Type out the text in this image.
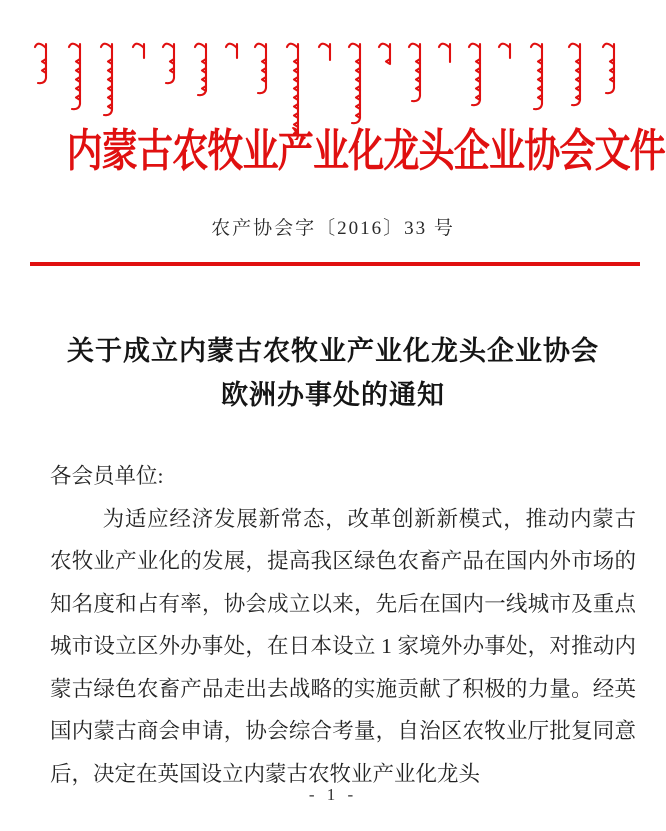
内蒙古农牧业产业化龙头企业协会文件
农产协会字〔2016〕33 号
关于成立内蒙古农牧业产业化龙头企业协会
欧洲办事处的通知

各会员单位:

为适应经济发展新常态，改革创新新模式，推动内蒙古农牧业产业化的发展，提高我区绿色农畜产品在国内外市场的知名度和占有率，协会成立以来，先后在国内一线城市及重点城市设立区外办事处，在日本设立 1 家境外办事处，对推动内蒙古绿色农畜产品走出去战略的实施贡献了积极的力量。经英国内蒙古商会申请，协会综合考量，自治区农牧业厅批复同意后，决定在英国设立内蒙古农牧业产业化龙头

- 1 -
